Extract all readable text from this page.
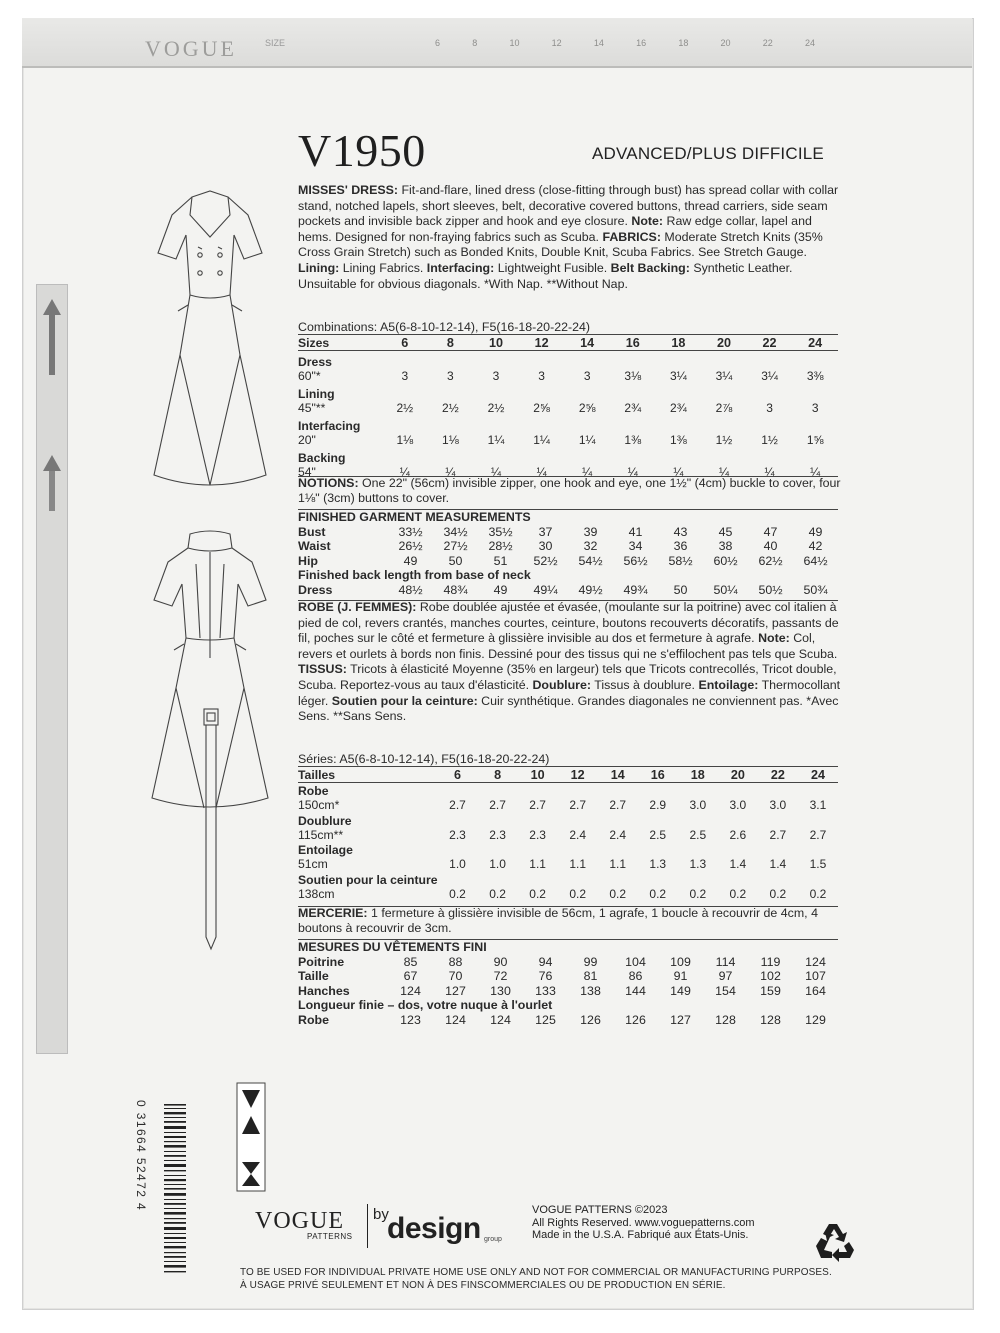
VOGUE	SIZE	6	8	10	12	14	16	18	20	22	24
V1950	ADVANCED/PLUS DIFFICILE
MISSES' DRESS: Fit-and-flare, lined dress (close-fitting through bust) has spread collar with collar stand, notched lapels, short sleeves, belt, decorative covered buttons, thread carriers, side seam pockets and invisible back zipper and hook and eye closure. Note: Raw edge collar, lapel and hems. Designed for non-fraying fabrics such as Scuba. FABRICS: Moderate Stretch Knits (35% Cross Grain Stretch) such as Bonded Knits, Double Knit, Scuba Fabrics. See Stretch Gauge. Lining: Lining Fabrics. Interfacing: Lightweight Fusible. Belt Backing: Synthetic Leather. Unsuitable for obvious diagonals. *With Nap. **Without Nap.
Combinations: A5(6-8-10-12-14), F5(16-18-20-22-24)
Sizes	6	8	10	12	14	16	18	20	22	24
Dress
60"*	3	3	3	3	3	3⅛	3¼	3¼	3¼	3⅜
Lining
45"**	2½	2½	2½	2⅝	2⅝	2¾	2¾	2⅞	3	3
Interfacing
20"	1⅛	1⅛	1¼	1¼	1¼	1⅜	1⅜	1½	1½	1⅝
Backing
54"	¼	¼	¼	¼	¼	¼	¼	¼	¼	¼
NOTIONS: One 22" (56cm) invisible zipper, one hook and eye, one 1½" (4cm) buckle to cover, four 1⅛" (3cm) buttons to cover.
FINISHED GARMENT MEASUREMENTS
Bust	33½	34½	35½	37	39	41	43	45	47	49
Waist	26½	27½	28½	30	32	34	36	38	40	42
Hip	49	50	51	52½	54½	56½	58½	60½	62½	64½
Finished back length from base of neck
Dress	48½	48¾	49	49¼	49½	49¾	50	50¼	50½	50¾
ROBE (J. FEMMES): Robe doublée ajustée et évasée, (moulante sur la poitrine) avec col italien à pied de col, revers crantés, manches courtes, ceinture, boutons recouverts décoratifs, passants de fil, poches sur le côté et fermeture à glissière invisible au dos et fermeture à agrafe. Note: Col, revers et ourlets à bords non finis. Dessiné pour des tissus qui ne s'effilochent pas tels que Scuba. TISSUS: Tricots à élasticité Moyenne (35% en largeur) tels que Tricots contrecollés, Tricot double, Scuba. Reportez-vous au taux d'élasticité. Doublure: Tissus à doublure. Entoilage: Thermocollant léger. Soutien pour la ceinture: Cuir synthétique. Grandes diagonales ne conviennent pas. *Avec Sens. **Sans Sens.
Séries: A5(6-8-10-12-14), F5(16-18-20-22-24)
Tailles	6	8	10	12	14	16	18	20	22	24
Robe
150cm*	2.7	2.7	2.7	2.7	2.7	2.9	3.0	3.0	3.0	3.1
Doublure
115cm**	2.3	2.3	2.3	2.4	2.4	2.5	2.5	2.6	2.7	2.7
Entoilage
51cm	1.0	1.0	1.1	1.1	1.1	1.3	1.3	1.4	1.4	1.5
Soutien pour la ceinture
138cm	0.2	0.2	0.2	0.2	0.2	0.2	0.2	0.2	0.2	0.2
MERCERIE: 1 fermeture à glissière invisible de 56cm, 1 agrafe, 1 boucle à recouvrir de 4cm, 4 boutons à recouvrir de 3cm.
MESURES DU VÊTEMENTS FINI
Poitrine	85	88	90	94	99	104	109	114	119	124
Taille	67	70	72	76	81	86	91	97	102	107
Hanches	124	127	130	133	138	144	149	154	159	164
Longueur finie – dos, votre nuque à l'ourlet
Robe	123	124	124	125	126	126	127	128	128	129
0 31664 52472 4
VOGUE
PATTERNS
by
design group
VOGUE PATTERNS ©2023
All Rights Reserved. www.voguepatterns.com
Made in the U.S.A. Fabriqué aux États-Unis.
TO BE USED FOR INDIVIDUAL PRIVATE HOME USE ONLY AND NOT FOR COMMERCIAL OR MANUFACTURING PURPOSES.
À USAGE PRIVÉ SEULEMENT ET NON À DES FINSCOMMERCIALES OU DE PRODUCTION EN SÉRIE.
